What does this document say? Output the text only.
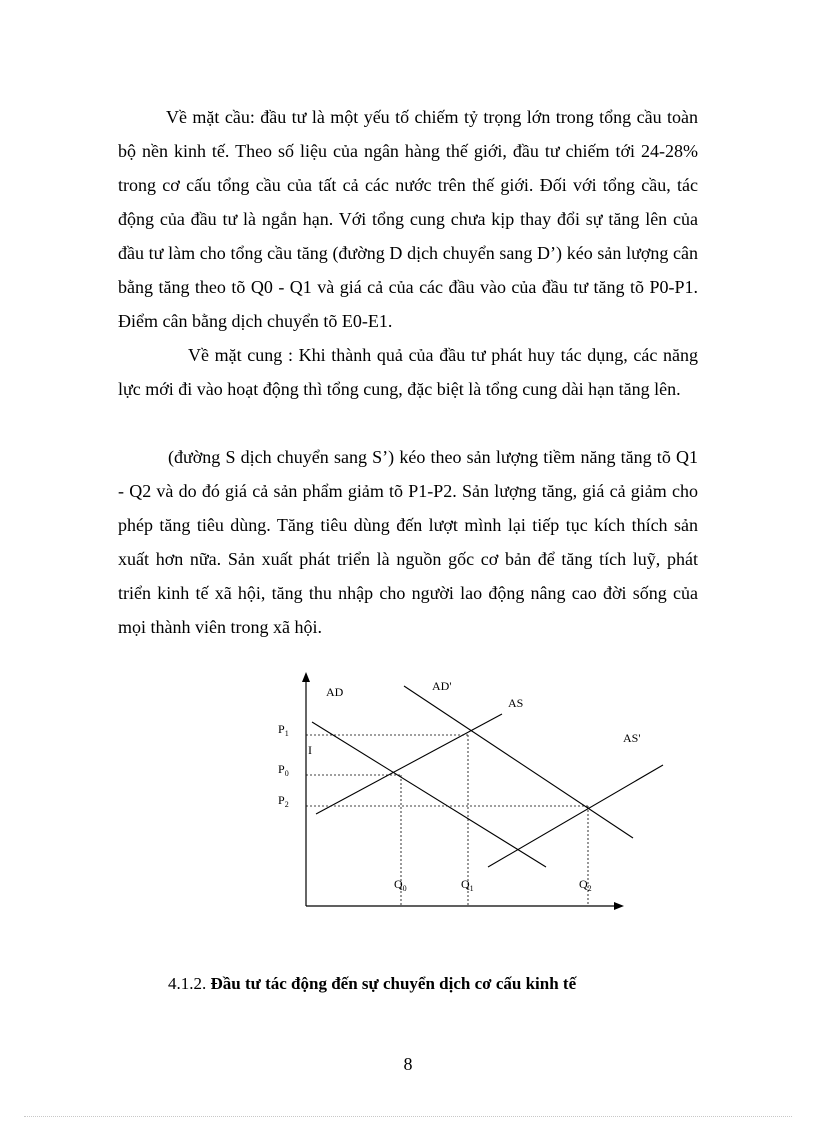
Về mặt cầu: đầu tư là một yếu tố chiếm tỷ trọng lớn trong tổng cầu toàn bộ nền kinh tế. Theo số liệu của ngân hàng thế giới, đầu tư chiếm tới 24-28% trong cơ cấu tổng cầu của tất cả các nước trên thế giới. Đối với tổng cầu, tác động của đầu tư là ngắn hạn. Với tổng cung chưa kịp thay đổi sự tăng lên của đầu tư làm cho tổng cầu tăng (đường D dịch chuyển sang D’) kéo sản lượng cân bằng tăng theo tõ Q0 - Q1 và giá cả của các đầu vào của đầu tư tăng tõ P0-P1. Điểm cân bằng dịch chuyển tõ E0-E1.

Về mặt cung : Khi thành quả của đầu tư phát huy tác dụng, các năng lực mới đi vào hoạt động thì tổng cung, đặc biệt là tổng cung dài hạn tăng lên.

(đường S dịch chuyển sang S’) kéo theo sản lượng tiềm năng tăng tõ Q1 - Q2 và do đó giá cả sản phẩm giảm tõ P1-P2. Sản lượng tăng, giá cả giảm cho phép tăng tiêu dùng. Tăng tiêu dùng đến lượt mình lại tiếp tục kích thích sản xuất hơn nữa. Sản xuất phát triển là nguồn gốc cơ bản để tăng tích luỹ, phát triển kinh tế xã hội, tăng thu nhập cho người lao động nâng cao đời sống của mọi thành viên trong xã hội.

AD	AD'
AS
AS'
$P_1$
$P_0$
$P_2$
I
$Q_0$	$Q_1$	$Q_2$

4.1.2. Đầu tư tác động đến sự chuyển dịch cơ cấu kinh tế

8
